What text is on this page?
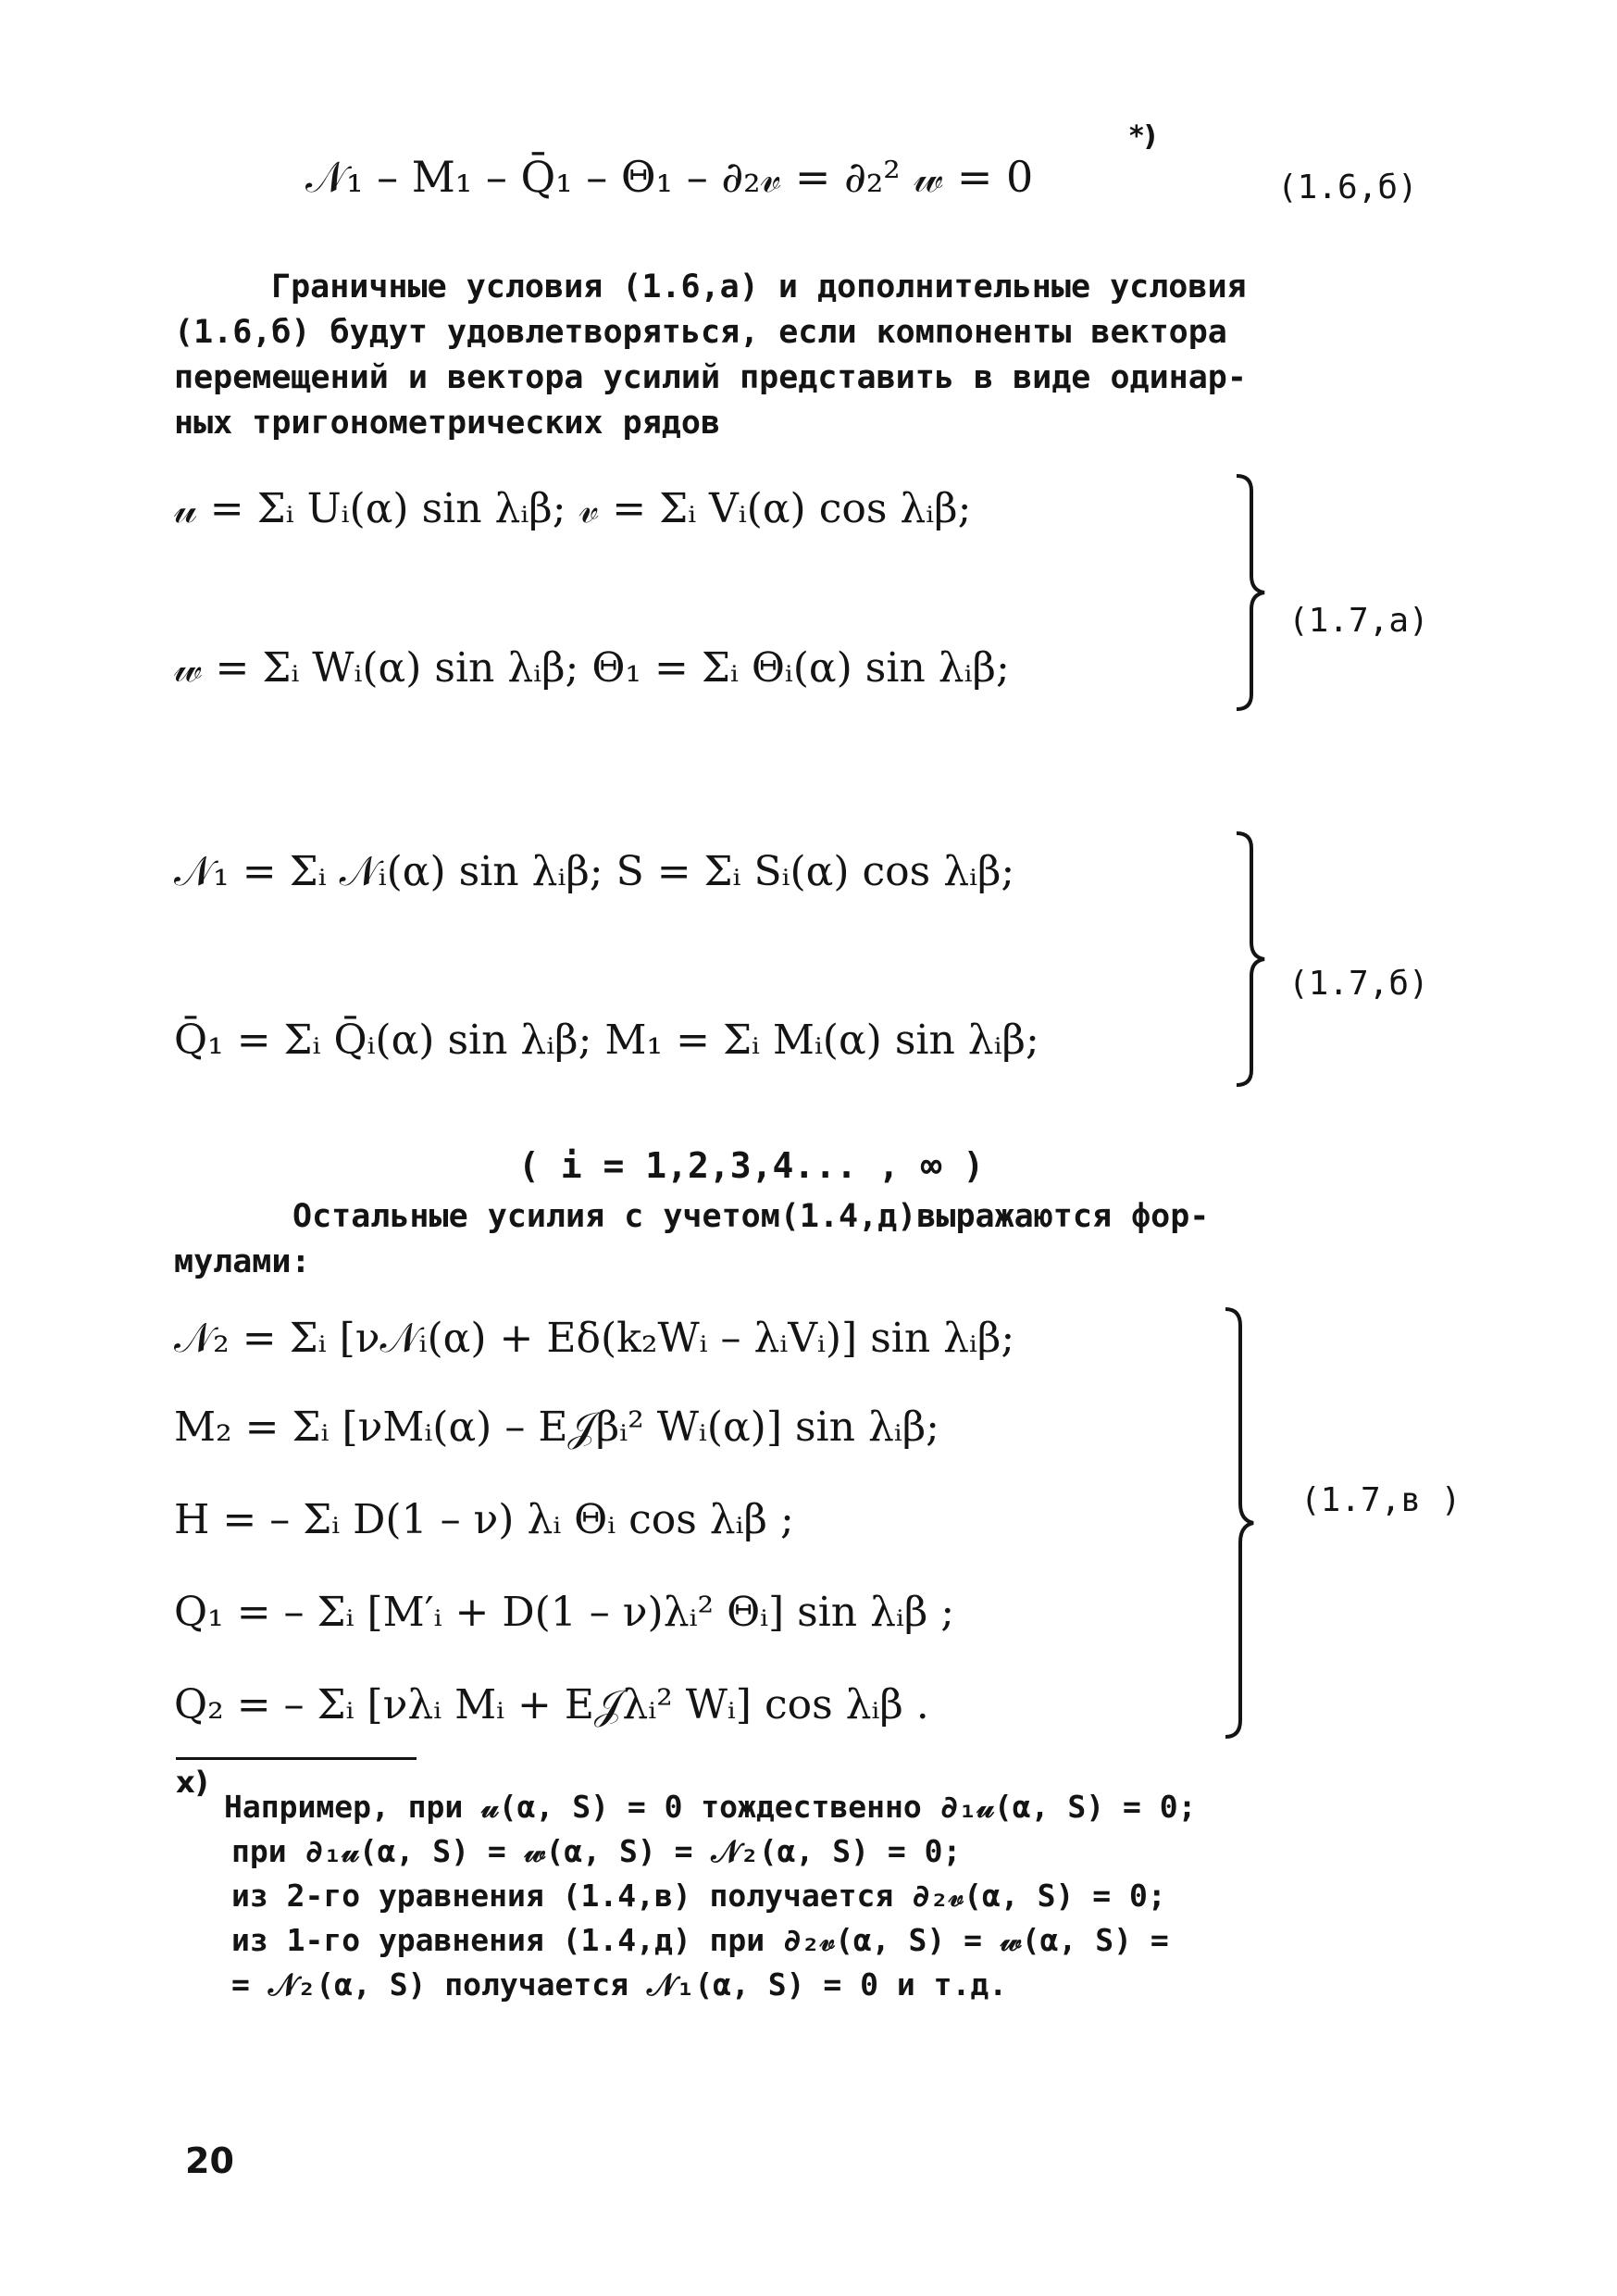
𝒩₁ – M₁ – Q̄₁ – Θ₁ – ∂₂𝓋 = ∂₂² 𝓌 = 0
*)
(1.6,б)
Граничные условия (1.6,а) и дополнительные условия
(1.6,б) будут удовлетворяться, если компоненты вектора
перемещений и вектора усилий представить в виде одинар-
ных тригонометрических рядов
𝓊 = Σᵢ Uᵢ(α) sin λᵢβ; 𝓋 = Σᵢ Vᵢ(α) cos λᵢβ;
𝓌 = Σᵢ Wᵢ(α) sin λᵢβ; Θ₁ = Σᵢ Θᵢ(α) sin λᵢβ;
(1.7,а)
𝒩₁ = Σᵢ 𝒩ᵢ(α) sin λᵢβ; S = Σᵢ Sᵢ(α) cos λᵢβ;
Q̄₁ = Σᵢ Q̄ᵢ(α) sin λᵢβ; M₁ = Σᵢ Mᵢ(α) sin λᵢβ;
(1.7,б)
( i = 1,2,3,4... , ∞ )
Остальные усилия с учетом(1.4,д)выражаются фор-
мулами:
𝒩₂ = Σᵢ [ν𝒩ᵢ(α) + Eδ(k₂Wᵢ – λᵢVᵢ)] sin λᵢβ;
M₂ = Σᵢ [νMᵢ(α) – E𝒥βᵢ² Wᵢ(α)] sin λᵢβ;
H = – Σᵢ D(1 – ν) λᵢ Θᵢ cos λᵢβ ;
Q₁ = – Σᵢ [M′ᵢ + D(1 – ν)λᵢ² Θᵢ] sin λᵢβ ;
Q₂ = – Σᵢ [νλᵢ Mᵢ + E𝒥λᵢ² Wᵢ] cos λᵢβ .
(1.7,в )
x)
Например, при 𝓊(α, S) = 0 тождественно ∂₁𝓊(α, S) = 0;
при ∂₁𝓊(α, S) = 𝓌(α, S) = 𝒩₂(α, S) = 0;
из 2-го уравнения (1.4,в) получается ∂₂𝓋(α, S) = 0;
из 1-го уравнения (1.4,д) при ∂₂𝓋(α, S) = 𝓌(α, S) =
= 𝒩₂(α, S) получается 𝒩₁(α, S) = 0 и т.д.
20
